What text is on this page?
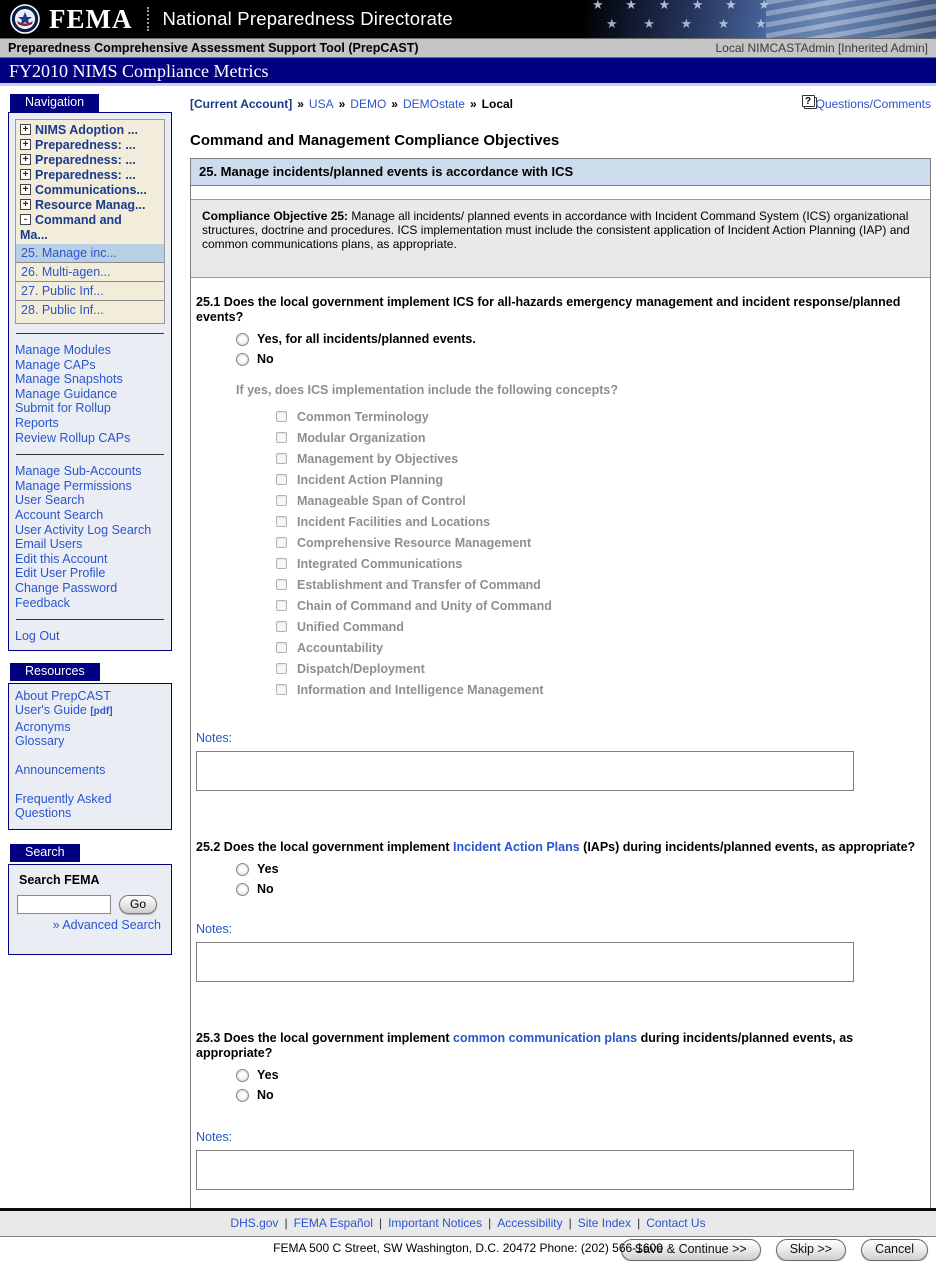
FEMA National Preparedness Directorate
★ ★ ★ ★ ★ ★
★ ★ ★ ★ ★
Preparedness Comprehensive Assessment Support Tool (PrepCAST)	Local NIMCASTAdmin [Inherited Admin]
FY2010 NIMS Compliance Metrics
Navigation
+ NIMS Adoption ...
+ Preparedness: ...
+ Preparedness: ...
+ Preparedness: ...
+ Communications...
+ Resource Manag...
- Command and
Ma...
25. Manage inc...
26. Multi-agen...
27. Public Inf...
28. Public Inf...
Manage Modules
Manage CAPs
Manage Snapshots
Manage Guidance
Submit for Rollup
Reports
Review Rollup CAPs
Manage Sub-Accounts
Manage Permissions
User Search
Account Search
User Activity Log Search
Email Users
Edit this Account
Edit User Profile
Change Password
Feedback
Log Out
Resources
About PrepCAST
User's Guide [pdf]
Acronyms
Glossary
Announcements
Frequently Asked Questions
Search
Search FEMA
Go
» Advanced Search
[Current Account] » USA » DEMO » DEMOstate » Local	? Questions/Comments
Command and Management Compliance Objectives
25. Manage incidents/planned events is accordance with ICS
Compliance Objective 25: Manage all incidents/ planned events in accordance with Incident Command System (ICS) organizational structures, doctrine and procedures. ICS implementation must include the consistent application of Incident Action Planning (IAP) and common communications plans, as appropriate.
25.1 Does the local government implement ICS for all-hazards emergency management and incident response/planned events?
Yes, for all incidents/planned events.
No
If yes, does ICS implementation include the following concepts?
Common Terminology
Modular Organization
Management by Objectives
Incident Action Planning
Manageable Span of Control
Incident Facilities and Locations
Comprehensive Resource Management
Integrated Communications
Establishment and Transfer of Command
Chain of Command and Unity of Command
Unified Command
Accountability
Dispatch/Deployment
Information and Intelligence Management
Notes:
25.2 Does the local government implement Incident Action Plans (IAPs) during incidents/planned events, as appropriate?
Yes
No
Notes:
25.3 Does the local government implement common communication plans during incidents/planned events, as appropriate?
Yes
No
Notes:
Save & Continue >>	Skip >>	Cancel
DHS.gov | FEMA Español | Important Notices | Accessibility | Site Index | Contact Us
FEMA 500 C Street, SW Washington, D.C. 20472 Phone: (202) 566-1600
